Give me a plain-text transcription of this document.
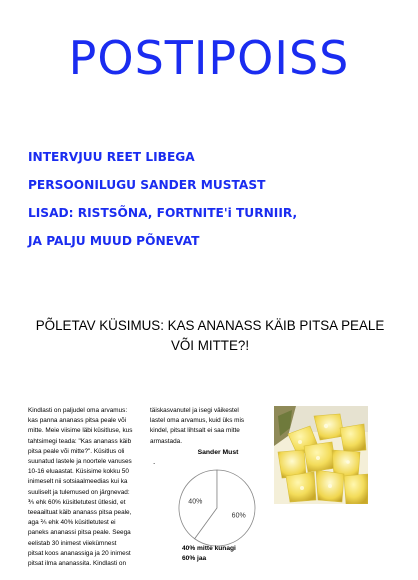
POSTIPOISS
INTERVJUU REET LIBEGA
PERSOONILUGU SANDER MUSTAST
LISAD: RISTSÕNA, FORTNITE'i TURNIIR,
JA PALJU MUUD PÕNEVAT
PÕLETAV KÜSIMUS: KAS ANANASS KÄIB PITSA PEALE
VÕI MITTE?!
Kindlasti on paljudel oma arvamus:
kas panna ananass pitsa peale või
mitte. Meie viisime läbi küsitluse, kus
tahtsimegi teada: "Kas ananass käib
pitsa peale või mitte?". Küsitlus oli
suunatud lastele ja noortele vanuses
10-16 eluaastat. Küsisime kokku 50
inimeselt nii sotsiaalmeedias kui ka
suuliselt ja tulemused on järgnevad:
⅗ ehk 60% küsitletutest ütlesid, et
teeaailtuat käib ananass pitsa peale,
aga ⅖ ehk 40% küsitletutest ei
paneks ananassi pitsa peale. Seega
eelistab 30 inimest viiekümnest
pitsat koos ananassiga ja 20 inimest
pitsat ilma ananassita. Kindlasti on
täiskasvanutel ja isegi väikestel
lastel oma arvamus, kuid üks mis
kindel, pitsat lihtsalt ei saa mitte
armastada.
.
Sander Must
40%
60%
40% mitte kunagi
60% jaa
